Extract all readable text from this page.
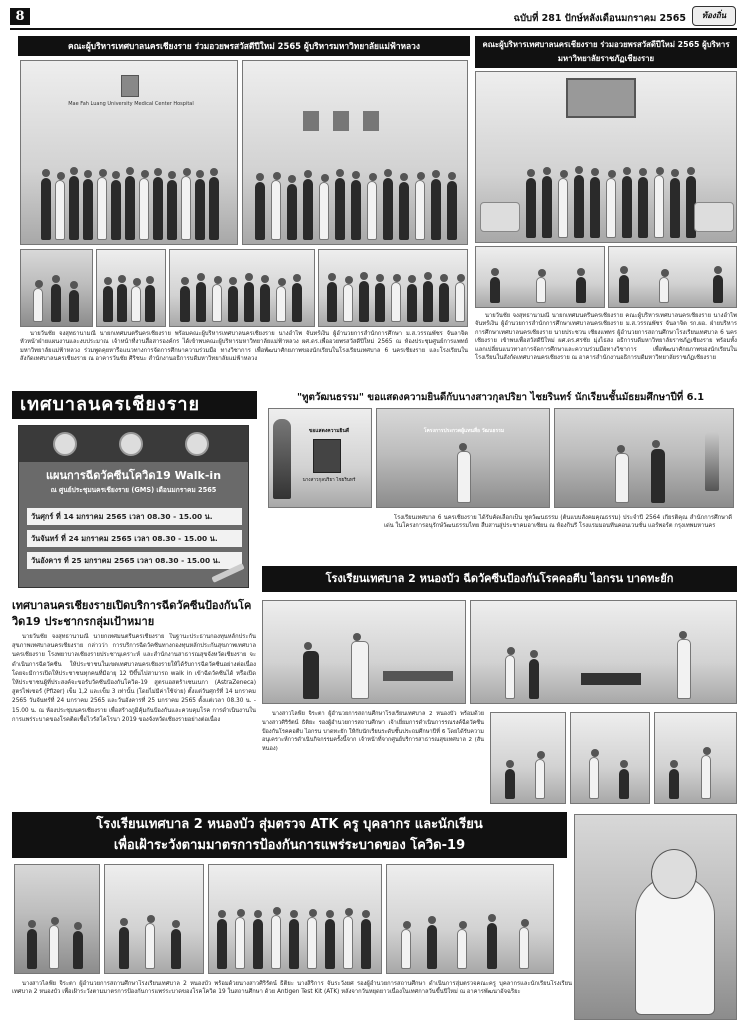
8	ฉบับที่ 281 ปักษ์หลังเดือนมกราคม 2565	ท้องถิ่น
คณะผู้บริหารเทศบาลนครเชียงราย ร่วมอวยพรสวัสดีปีใหม่ 2565 ผู้บริหารมหาวิทยาลัยแม่ฟ้าหลวง
Mae Fah Luang University Medical Center Hospital
นายวันชัย จงสุทธานามณี นายกเทศมนตรีนครเชียงราย พร้อมคณะผู้บริหารเทศบาลนครเชียงราย นางอำไพ จันทร์เงิน ผู้อำนวยการสำนักการศึกษา ม.ส.วรรณพัชร จันลาจิต หัวหน้าฝ่ายแผนงานและงบประมาณ เจ้าหน้าที่งานสื่อสารองค์กร ได้เข้าพบคณะผู้บริหารมหาวิทยาลัยแม่ฟ้าหลวง ผศ.ดร.เพื่ออวยพรสวัสดีปีใหม่ 2565 ณ ห้องประชุมศูนย์การแพทย์มหาวิทยาลัยแม่ฟ้าหลวง ร่วมพูดคุยหารือแนวทางการจัดการศึกษาความร่วมมือ ทางวิชาการ เพื่อพัฒนาศักยภาพของนักเรียนในโรงเรียนเทศบาล 6 นครเชียงราย และโรงเรียนในสังกัดเทศบาลนครเชียงราย ณ อาคารวันชัย ศิริชนะ สำนักงานอธิการบดีมหาวิทยาลัยแม่ฟ้าหลวง
คณะผู้บริหารเทศบาลนครเชียงราย ร่วมอวยพรสวัสดีปีใหม่ 2565 ผู้บริหารมหาวิทยาลัยราชภัฏเชียงราย
นายวันชัย จงสุทธานามณี นายกเทศมนตรีนครเชียงราย คณะผู้บริหารเทศบาลนครเชียงราย นางอำไพ จันทร์เงิน ผู้อำนวยการสำนักการศึกษาเทศบาลนครเชียงราย ม.ส.วรรณพัชร จันลาจิต รก.ผอ. ฝ่ายบริหารการศึกษาเทศบาลนครเชียงราย นายประชวน เชียงแพทร ผู้อำนวยการสถานศึกษาโรงเรียนเทศบาล 6 นครเชียงราย เข้าพบเพื่อสวัสดีปีใหม่ ผศ.ดร.ศรชัย มุ่งไธสง อธิการบดีมหาวิทยาลัยราชภัฏเชียงราย พร้อมทั้งแลกเปลี่ยนแนวทางการจัดการศึกษาและความร่วมมือทางวิชาการ เพื่อพัฒนาศักยภาพของนักเรียนในโรงเรียนในสังกัดเทศบาลนครเชียงราย ณ อาคารสำนักงานอธิการบดีมหาวิทยาลัยราชภัฏเชียงราย
เทศบาลนครเชียงราย
แผนการฉีดวัคซีนโควิด19 Walk-in
ณ ศูนย์ประชุมนครเชียงราย (GMS) เดือนมกราคม 2565
วันศุกร์ ที่ 14 มกราคม 2565 เวลา 08.30 - 15.00 น.
วันจันทร์ ที่ 24 มกราคม 2565 เวลา 08.30 - 15.00 น.
วันอังคาร ที่ 25 มกราคม 2565 เวลา 08.30 - 15.00 น.
เทศบาลนครเชียงรายเปิดบริการฉีดวัคซีนป้องกันโควิด19 ประชากรกลุ่มเป้าหมาย
นายวันชัย จงสุทธานามณี นายกเทศมนตรีนครเชียงราย ในฐานะประธานกองทุนหลักประกันสุขภาพเทศบาลนครเชียงราย กล่าวว่า การบริการฉีดวัคซีนทางกองทุนหลักประกันสุขภาพเทศบาลนครเชียงราย โรงพยาบาลเชียงรายประชานุเคราะห์ และสำนักงานสาธารณสุขจังหวัดเชียงราย จะดำเนินการฉีดวัคซีน ให้ประชาชนในเขตเทศบาลนครเชียงรายให้ได้รับการฉีดวัคซีนอย่างต่อเนื่อง โดยจะมีการเปิดให้ประชาชนทุกคนที่มีอายุ 12 ปีขึ้นไปสามารถ walk in เข้าฉีดวัคซีนได้ หรือเปิดให้ประชาชนผู้ที่ประสงค์จะขอรับวัคซีนป้องกันโควิด-19 สูตรแอสตร้าเซนเนกา (AstraZeneca) สูตรไฟเซอร์ (Pfizer) เข็ม 1,2 และเข็ม 3 เท่านั้น (โดยไม่มีค่าใช้จ่าย) ตั้งแต่วันศุกร์ที่ 14 มกราคม 2565 วันจันทร์ที่ 24 มกราคม 2565 และวันอังคารที่ 25 มกราคม 2565 ตั้งแต่เวลา 08.30 น. - 15.00 น. ณ ห้องประชุมนครเชียงราย เพื่อสร้างภูมิคุ้มกันป้องกันและควบคุมโรค การดำเนินงานในการแพร่ระบาดของโรคติดเชื้อไวรัสโคโรนา 2019 ของจังหวัดเชียงรายอย่างต่อเนื่อง
"ทูตวัฒนธรรม" ขอแสดงความยินดีกับนางสาวกุลปริยา ไชยรินทร์ นักเรียนชั้นมัธยมศึกษาปีที่ 6.1
ขอแสดงความยินดี
นางสาวกุลปริยา ไชยรินทร์
โครงการประกวดผู้แทนสื่อ วัฒนธรรม
โรงเรียนเทศบาล 6 นครเชียงราย ได้รับคัดเลือกเป็น ทูตวัฒนธรรม (ต้นแบบสังคมคุณธรรม) ประจำปี 2564 เกียรติคุณ สำนักการศึกษาดีเด่น ในโครงการอนุรักษ์วัฒนธรรมไทย สืบสานสู่ประชาคมอาเซียน ณ ห้องกินรี โรงแรมมอนทีนคอนเวนชั่น แอร์พอร์ต กรุงเทพมหานคร
โรงเรียนเทศบาล 2 หนองบัว ฉีดวัคซีนป้องกันโรคคอตีบ ไอกรน บาดทะยัก
นางสาวไลฟ้ย จิระตา ผู้อำนวยการสถานศึกษาโรงเรียนเทศบาล 2 หนองบัว พร้อมด้วยนางสาวศิริรัตน์ ธิติยะ รองผู้อำนวยการสถานศึกษา เจ้าเยี่ยมการดำเนินการรณรงค์ฉีดวัคซีนป้องกันโรคคอตีบ ไอกรน บาดทะยัก ให้กับนักเรียนระดับชั้นประถมศึกษาปีที่ 6 โดยได้รับความอนุเคราะห์การดำเนินกิจกรรมครั้งนี้จาก เจ้าหน้าที่จากศูนย์บริการสาธารณสุขเทศบาล 2 (สันหนอง)
โรงเรียนเทศบาล 2 หนองบัว สุ่มตรวจ ATK ครู บุคลากร และนักเรียน
เพื่อเฝ้าระวังตามมาตรการป้องกันการแพร่ระบาดของ โควิด-19
นางสาวไลฟ้ย จิระตา ผู้อำนวยการสถานศึกษาโรงเรียนเทศบาล 2 หนองบัว พร้อมด้วยนางสาวศิริรัตน์ ธิติยะ นางสิริการ จันระวังยศ รองผู้อำนวยการสถานศึกษา ดำเนินการสุ่มตรวจคณะครู บุคลากรและนักเรียนโรงเรียนเทศบาล 2 หนองบัว เพื่อเฝ้าระวังตามมาตรการป้องกันการแพร่ระบาดของโรคโควิด 19 ในสถานศึกษา ด้วย Antigen Test Kit (ATK) หลังจากวันหยุดยาวเนื่องในเทศกาลวันขึ้นปีใหม่ ณ อาคารพัฒนาอัจฉริยะ
